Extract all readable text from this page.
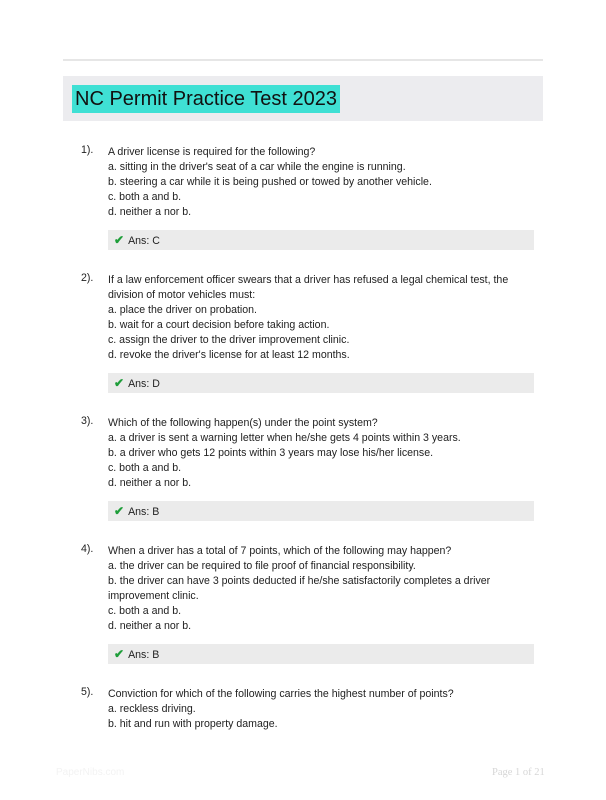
NC Permit Practice Test 2023
1). A driver license is required for the following?
a. sitting in the driver's seat of a car while the engine is running.
b. steering a car while it is being pushed or towed by another vehicle.
c. both a and b.
d. neither a nor b.
✔ Ans: C
2). If a law enforcement officer swears that a driver has refused a legal chemical test, the
division of motor vehicles must:
a. place the driver on probation.
b. wait for a court decision before taking action.
c. assign the driver to the driver improvement clinic.
d. revoke the driver's license for at least 12 months.
✔ Ans: D
3). Which of the following happen(s) under the point system?
a. a driver is sent a warning letter when he/she gets 4 points within 3 years.
b. a driver who gets 12 points within 3 years may lose his/her license.
c. both a and b.
d. neither a nor b.
✔ Ans: B
4). When a driver has a total of 7 points, which of the following may happen?
a. the driver can be required to file proof of financial responsibility.
b. the driver can have 3 points deducted if he/she satisfactorily completes a driver
improvement clinic.
c. both a and b.
d. neither a nor b.
✔ Ans: B
5). Conviction for which of the following carries the highest number of points?
a. reckless driving.
b. hit and run with property damage.
PaperNibs.com	Page 1 of 21
